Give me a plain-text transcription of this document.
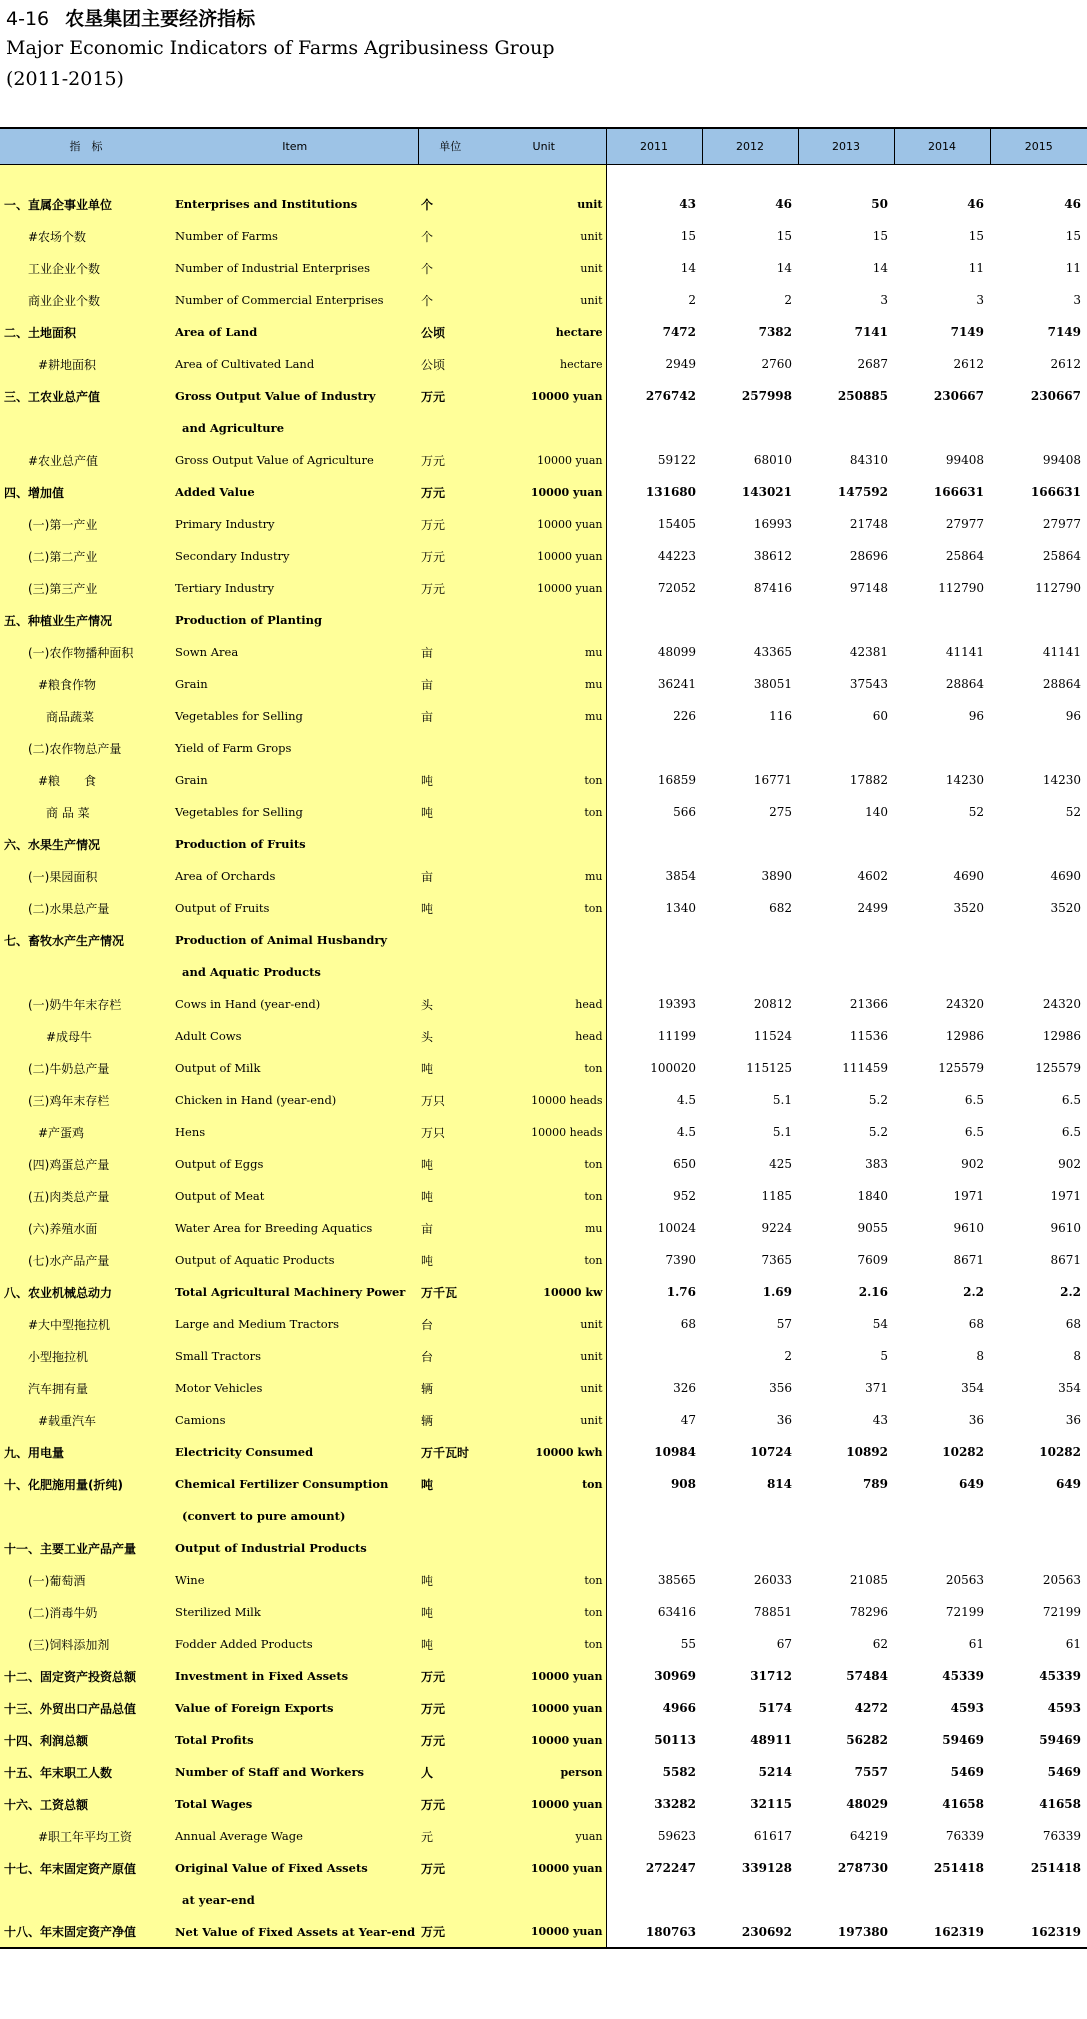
4-16 农垦集团主要经济指标
Major Economic Indicators of Farms Agribusiness Group
(2011-2015)
指　标	Item	单位	Unit	2011	2012	2013	2014	2015

一、直属企事业单位	Enterprises and Institutions	个	unit	43	46	50	46	46
#农场个数	Number of Farms	个	unit	15	15	15	15	15
工业企业个数	Number of Industrial Enterprises	个	unit	14	14	14	11	11
商业企业个数	Number of Commercial Enterprises	个	unit	2	2	3	3	3
二、土地面积	Area of Land	公顷	hectare	7472	7382	7141	7149	7149
#耕地面积	Area of Cultivated Land	公顷	hectare	2949	2760	2687	2612	2612
三、工农业总产值	Gross Output Value of Industry	万元	10000 yuan	276742	257998	250885	230667	230667
	and Agriculture							
#农业总产值	Gross Output Value of Agriculture	万元	10000 yuan	59122	68010	84310	99408	99408
四、增加值	Added Value	万元	10000 yuan	131680	143021	147592	166631	166631
(一)第一产业	Primary Industry	万元	10000 yuan	15405	16993	21748	27977	27977
(二)第二产业	Secondary Industry	万元	10000 yuan	44223	38612	28696	25864	25864
(三)第三产业	Tertiary Industry	万元	10000 yuan	72052	87416	97148	112790	112790
五、种植业生产情况	Production of Planting							
(一)农作物播种面积	Sown Area	亩	mu	48099	43365	42381	41141	41141
#粮食作物	Grain	亩	mu	36241	38051	37543	28864	28864
商品蔬菜	Vegetables for Selling	亩	mu	226	116	60	96	96
(二)农作物总产量	Yield of Farm Grops							
#粮　　食	Grain	吨	ton	16859	16771	17882	14230	14230
商 品 菜	Vegetables for Selling	吨	ton	566	275	140	52	52
六、水果生产情况	Production of Fruits							
(一)果园面积	Area of Orchards	亩	mu	3854	3890	4602	4690	4690
(二)水果总产量	Output of Fruits	吨	ton	1340	682	2499	3520	3520
七、畜牧水产生产情况	Production of Animal Husbandry							
	and Aquatic Products							
(一)奶牛年末存栏	Cows in Hand (year-end)	头	head	19393	20812	21366	24320	24320
#成母牛	Adult Cows	头	head	11199	11524	11536	12986	12986
(二)牛奶总产量	Output of Milk	吨	ton	100020	115125	111459	125579	125579
(三)鸡年末存栏	Chicken in Hand (year-end)	万只	10000 heads	4.5	5.1	5.2	6.5	6.5
#产蛋鸡	Hens	万只	10000 heads	4.5	5.1	5.2	6.5	6.5
(四)鸡蛋总产量	Output of Eggs	吨	ton	650	425	383	902	902
(五)肉类总产量	Output of Meat	吨	ton	952	1185	1840	1971	1971
(六)养殖水面	Water Area for Breeding Aquatics	亩	mu	10024	9224	9055	9610	9610
(七)水产品产量	Output of Aquatic Products	吨	ton	7390	7365	7609	8671	8671
八、农业机械总动力	Total Agricultural Machinery Power	万千瓦	10000 kw	1.76	1.69	2.16	2.2	2.2
#大中型拖拉机	Large and Medium Tractors	台	unit	68	57	54	68	68
小型拖拉机	Small Tractors	台	unit		2	5	8	8
汽车拥有量	Motor Vehicles	辆	unit	326	356	371	354	354
#载重汽车	Camions	辆	unit	47	36	43	36	36
九、用电量	Electricity Consumed	万千瓦时	10000 kwh	10984	10724	10892	10282	10282
十、化肥施用量(折纯)	Chemical Fertilizer Consumption	吨	ton	908	814	789	649	649
	(convert to pure amount)							
十一、主要工业产品产量	Output of Industrial Products							
(一)葡萄酒	Wine	吨	ton	38565	26033	21085	20563	20563
(二)消毒牛奶	Sterilized Milk	吨	ton	63416	78851	78296	72199	72199
(三)饲料添加剂	Fodder Added Products	吨	ton	55	67	62	61	61
十二、固定资产投资总额	Investment in Fixed Assets	万元	10000 yuan	30969	31712	57484	45339	45339
十三、外贸出口产品总值	Value of Foreign Exports	万元	10000 yuan	4966	5174	4272	4593	4593
十四、利润总额	Total Profits	万元	10000 yuan	50113	48911	56282	59469	59469
十五、年末职工人数	Number of Staff and Workers	人	person	5582	5214	7557	5469	5469
十六、工资总额	Total Wages	万元	10000 yuan	33282	32115	48029	41658	41658
#职工年平均工资	Annual Average Wage	元	yuan	59623	61617	64219	76339	76339
十七、年末固定资产原值	Original Value of Fixed Assets	万元	10000 yuan	272247	339128	278730	251418	251418
	at year-end							
十八、年末固定资产净值	Net Value of Fixed Assets at Year-end	万元	10000 yuan	180763	230692	197380	162319	162319
